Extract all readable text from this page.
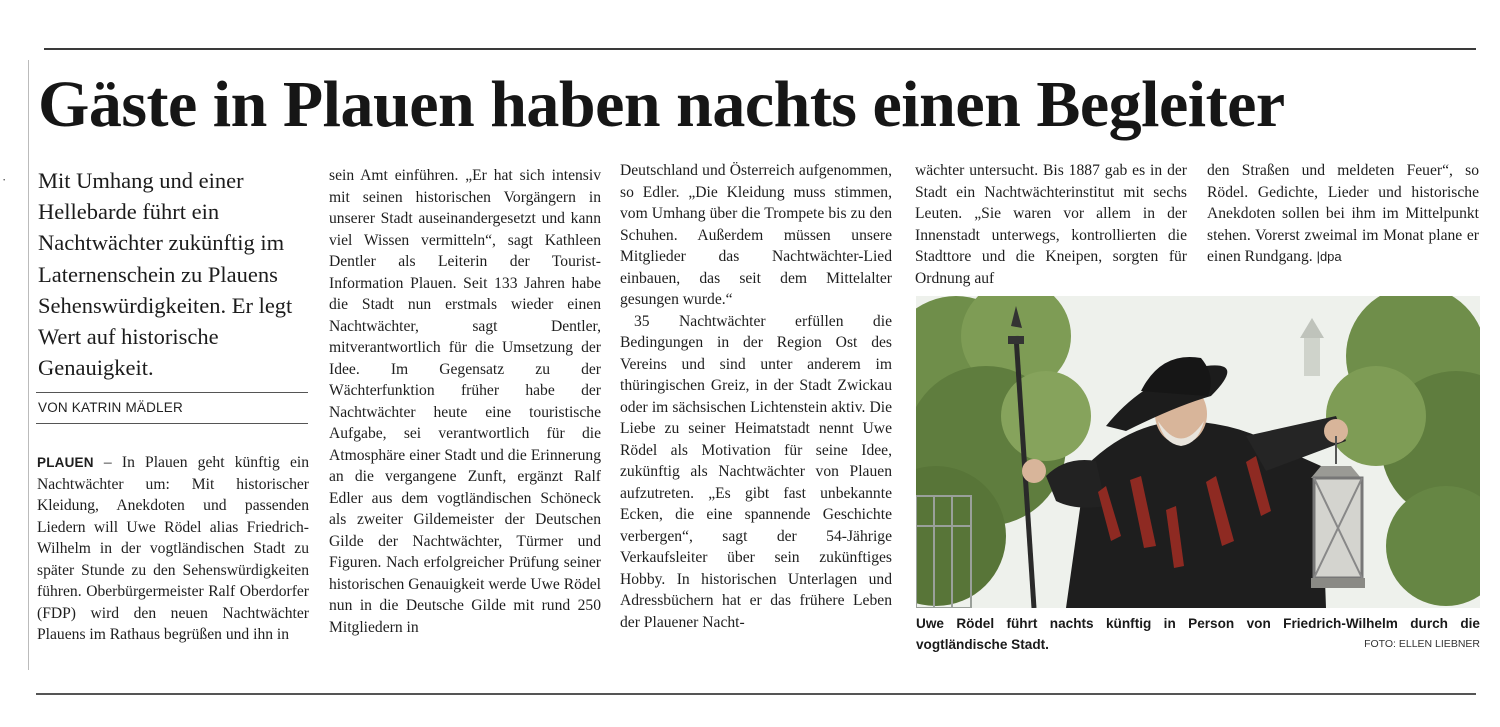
·
Gäste in Plauen haben nachts einen Begleiter
Mit Umhang und einer Hellebarde führt ein Nachtwächter zukünftig im Laternenschein zu Plauens Sehenswürdigkeiten. Er legt Wert auf historische Genauigkeit.
VON KATRIN MÄDLER

PLAUEN – In Plauen geht künftig ein Nachtwächter um: Mit historischer Kleidung, Anekdoten und passenden Liedern will Uwe Rödel alias Friedrich-Wilhelm in der vogtländischen Stadt zu später Stunde zu den Sehenswürdigkeiten führen. Oberbürgermeister Ralf Oberdorfer (FDP) wird den neuen Nachtwächter Plauens im Rathaus begrüßen und ihn in

sein Amt einführen. „Er hat sich intensiv mit seinen historischen Vorgängern in unserer Stadt auseinandergesetzt und kann viel Wissen vermitteln“, sagt Kathleen Dentler als Leiterin der Tourist-Information Plauen. Seit 133 Jahren habe die Stadt nun erstmals wieder einen Nachtwächter, sagt Dentler, mitverantwortlich für die Umsetzung der Idee. Im Gegensatz zu der Wächterfunktion früher habe der Nachtwächter heute eine touristische Aufgabe, sei verantwortlich für die Atmosphäre einer Stadt und die Erinnerung an die vergangene Zunft, ergänzt Ralf Edler aus dem vogtländischen Schöneck als zweiter Gildemeister der Deutschen Gilde der Nachtwächter, Türmer und Figuren. Nach erfolgreicher Prüfung seiner historischen Genauigkeit werde Uwe Rödel nun in die Deutsche Gilde mit rund 250 Mitgliedern in

Deutschland und Österreich aufgenommen, so Edler. „Die Kleidung muss stimmen, vom Umhang über die Trompete bis zu den Schuhen. Außerdem müssen unsere Mitglieder das Nachtwächter-Lied einbauen, das seit dem Mittelalter gesungen wurde.“

35 Nachtwächter erfüllen die Bedingungen in der Region Ost des Vereins und sind unter anderem im thüringischen Greiz, in der Stadt Zwickau oder im sächsischen Lichtenstein aktiv. Die Liebe zu seiner Heimatstadt nennt Uwe Rödel als Motivation für seine Idee, zukünftig als Nachtwächter von Plauen aufzutreten. „Es gibt fast unbekannte Ecken, die eine spannende Geschichte verbergen“, sagt der 54-Jährige Verkaufsleiter über sein zukünftiges Hobby. In historischen Unterlagen und Adressbüchern hat er das frühere Leben der Plauener Nacht-

wächter untersucht. Bis 1887 gab es in der Stadt ein Nachtwächterinstitut mit sechs Leuten. „Sie waren vor allem in der Innenstadt unterwegs, kontrollierten die Stadttore und die Kneipen, sorgten für Ordnung auf

den Straßen und meldeten Feuer“, so Rödel. Gedichte, Lieder und historische Anekdoten sollen bei ihm im Mittelpunkt stehen. Vorerst zweimal im Monat plane er einen Rundgang. |dpa

Uwe Rödel führt nachts künftig in Person von Friedrich-Wilhelm durch die vogtländische Stadt.	FOTO: ELLEN LIEBNER
